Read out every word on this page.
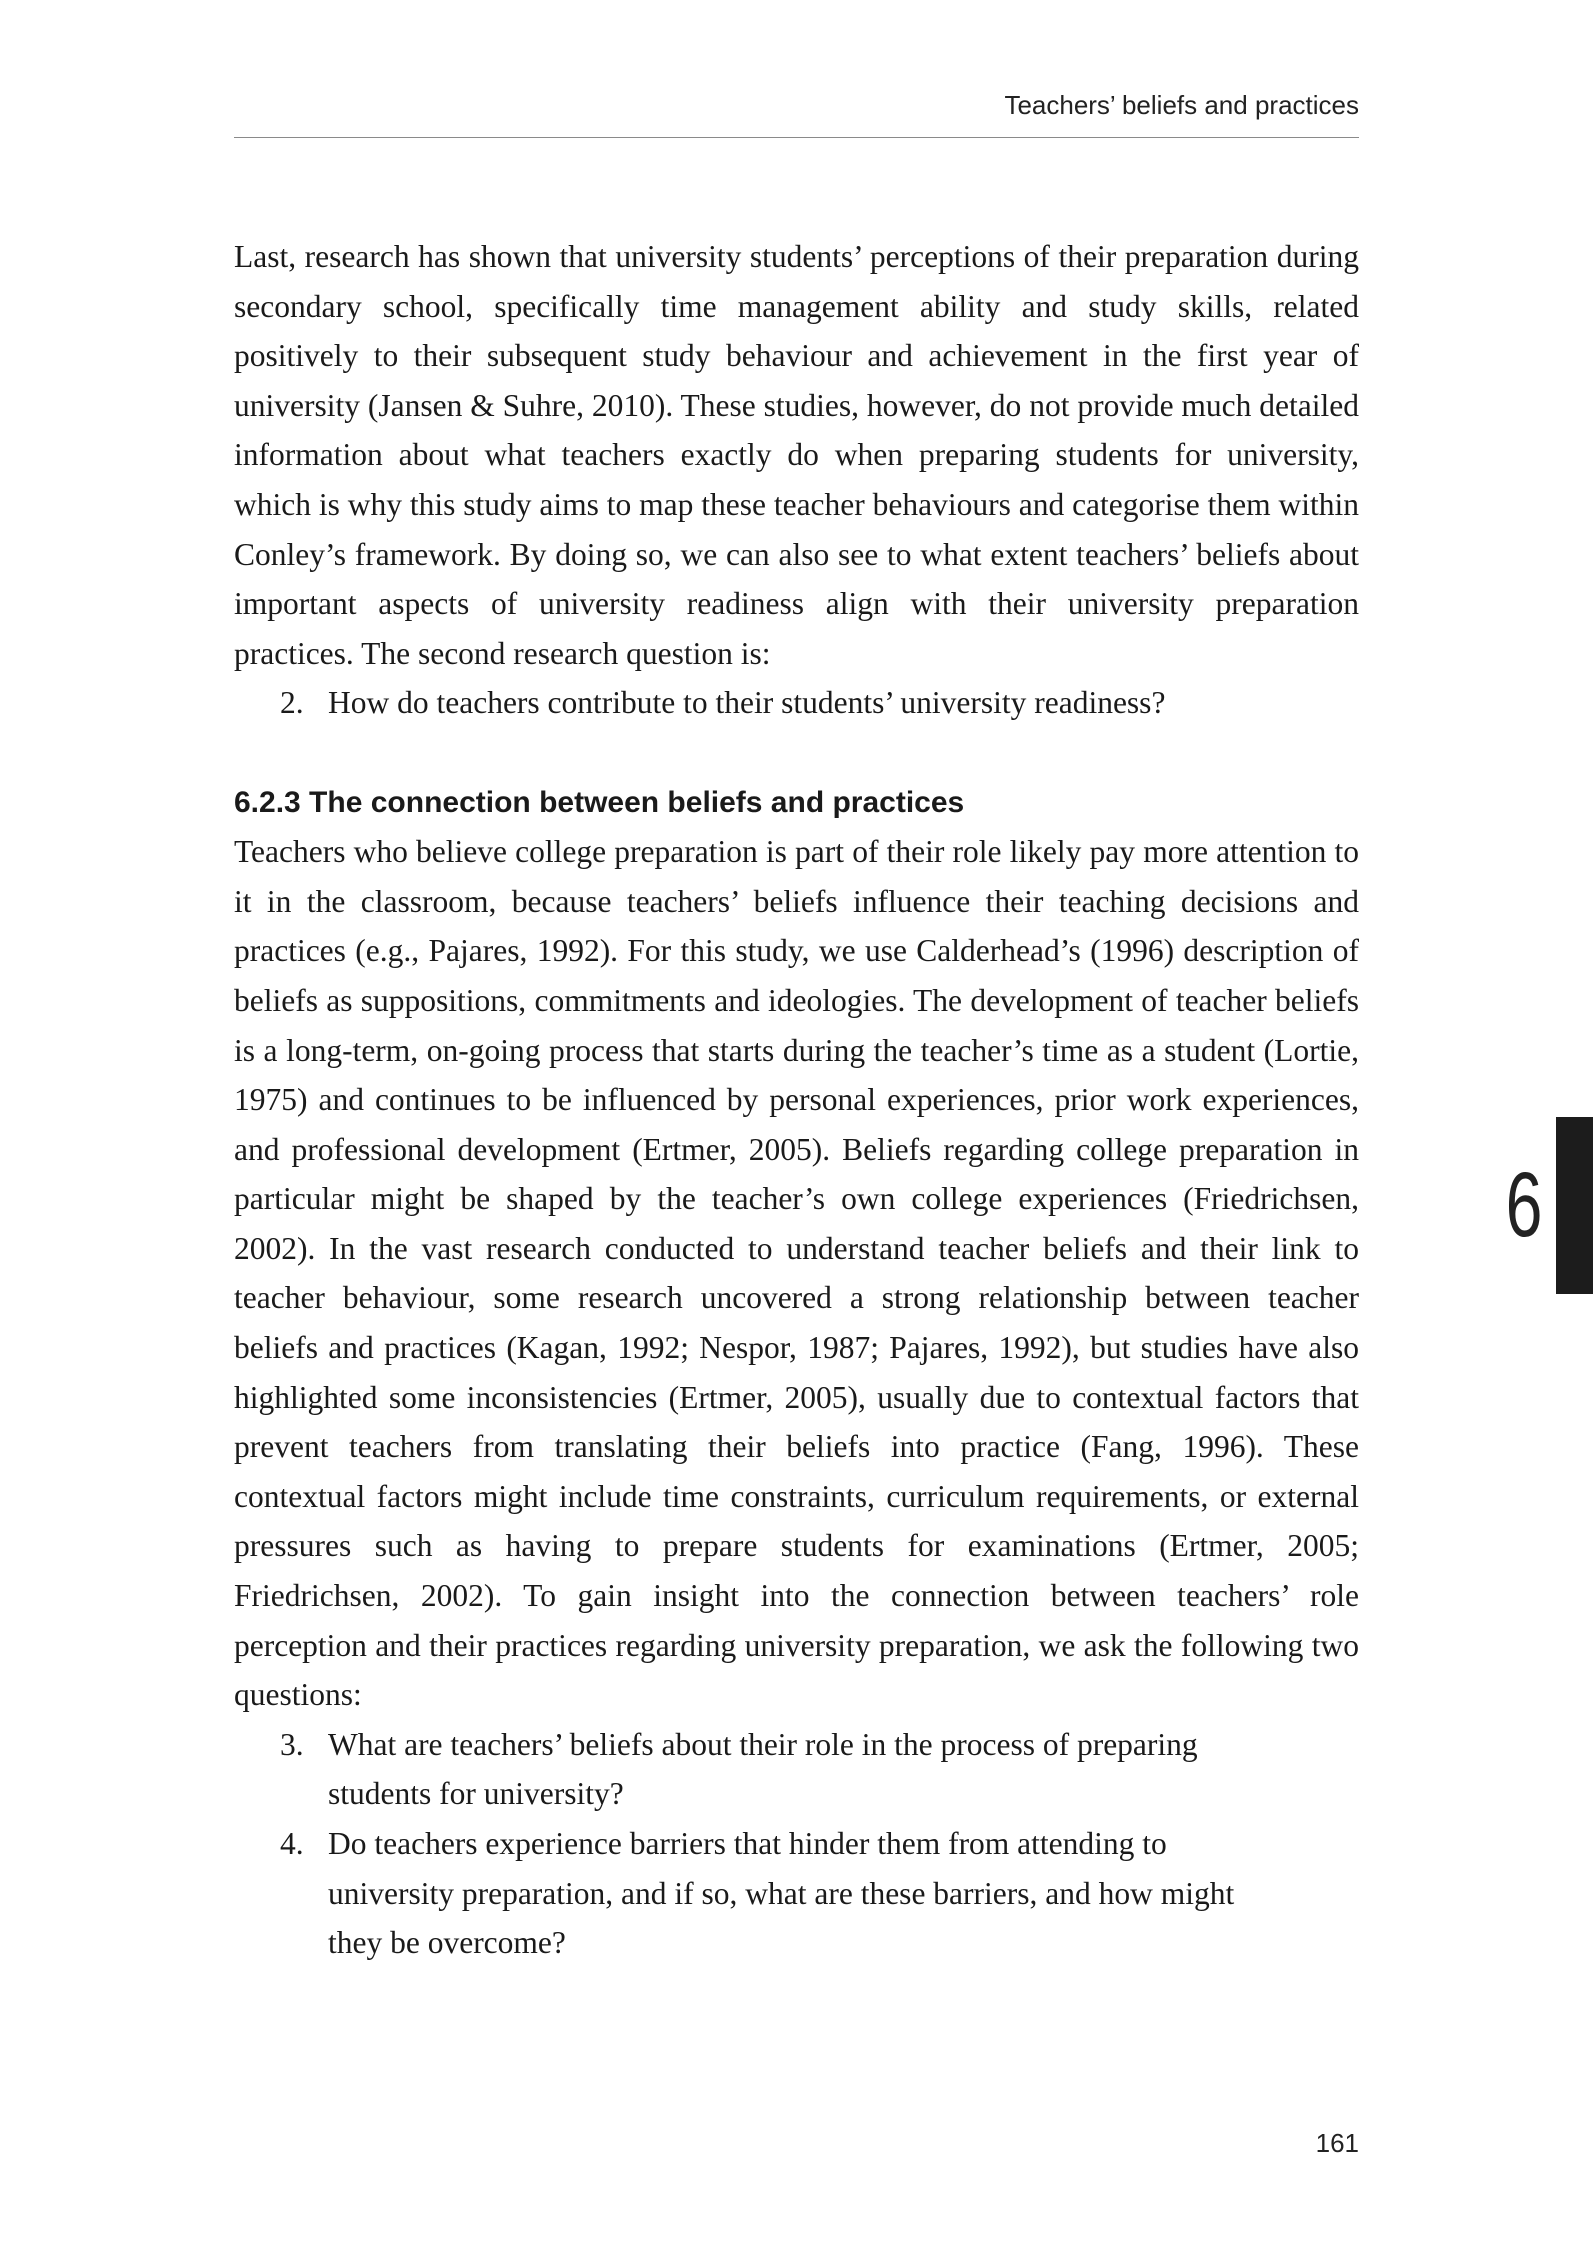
Teachers’ beliefs and practices

Last, research has shown that university students’ perceptions of their preparation during secondary school, specifically time management ability and study skills, related positively to their subsequent study behaviour and achievement in the first year of university (Jansen & Suhre, 2010). These studies, however, do not provide much detailed information about what teachers exactly do when preparing students for university, which is why this study aims to map these teacher behaviours and categorise them within Conley’s framework. By doing so, we can also see to what extent teachers’ beliefs about important aspects of university readiness align with their university preparation practices. The second research question is:

2. How do teachers contribute to their students’ university readiness?
6.2.3 The connection between beliefs and practices

Teachers who believe college preparation is part of their role likely pay more attention to it in the classroom, because teachers’ beliefs influence their teaching decisions and practices (e.g., Pajares, 1992). For this study, we use Calderhead’s (1996) description of beliefs as suppositions, commitments and ideologies. The development of teacher beliefs is a long-term, on-going process that starts during the teacher’s time as a student (Lortie, 1975) and continues to be influenced by personal experiences, prior work experiences, and professional development (Ertmer, 2005). Beliefs regarding college preparation in particular might be shaped by the teacher’s own college experiences (Friedrichsen, 2002). In the vast research conducted to understand teacher beliefs and their link to teacher behaviour, some research uncovered a strong relationship between teacher beliefs and practices (Kagan, 1992; Nespor, 1987; Pajares, 1992), but studies have also highlighted some inconsistencies (Ertmer, 2005), usually due to contextual factors that prevent teachers from translating their beliefs into practice (Fang, 1996). These contextual factors might include time constraints, curriculum requirements, or external pressures such as having to prepare students for examinations (Ertmer, 2005; Friedrichsen, 2002). To gain insight into the connection between teachers’ role perception and their practices regarding university preparation, we ask the following two questions:

3. What are teachers’ beliefs about their role in the process of preparing students for university?
4. Do teachers experience barriers that hinder them from attending to university preparation, and if so, what are these barriers, and how might they be overcome?
6
161
